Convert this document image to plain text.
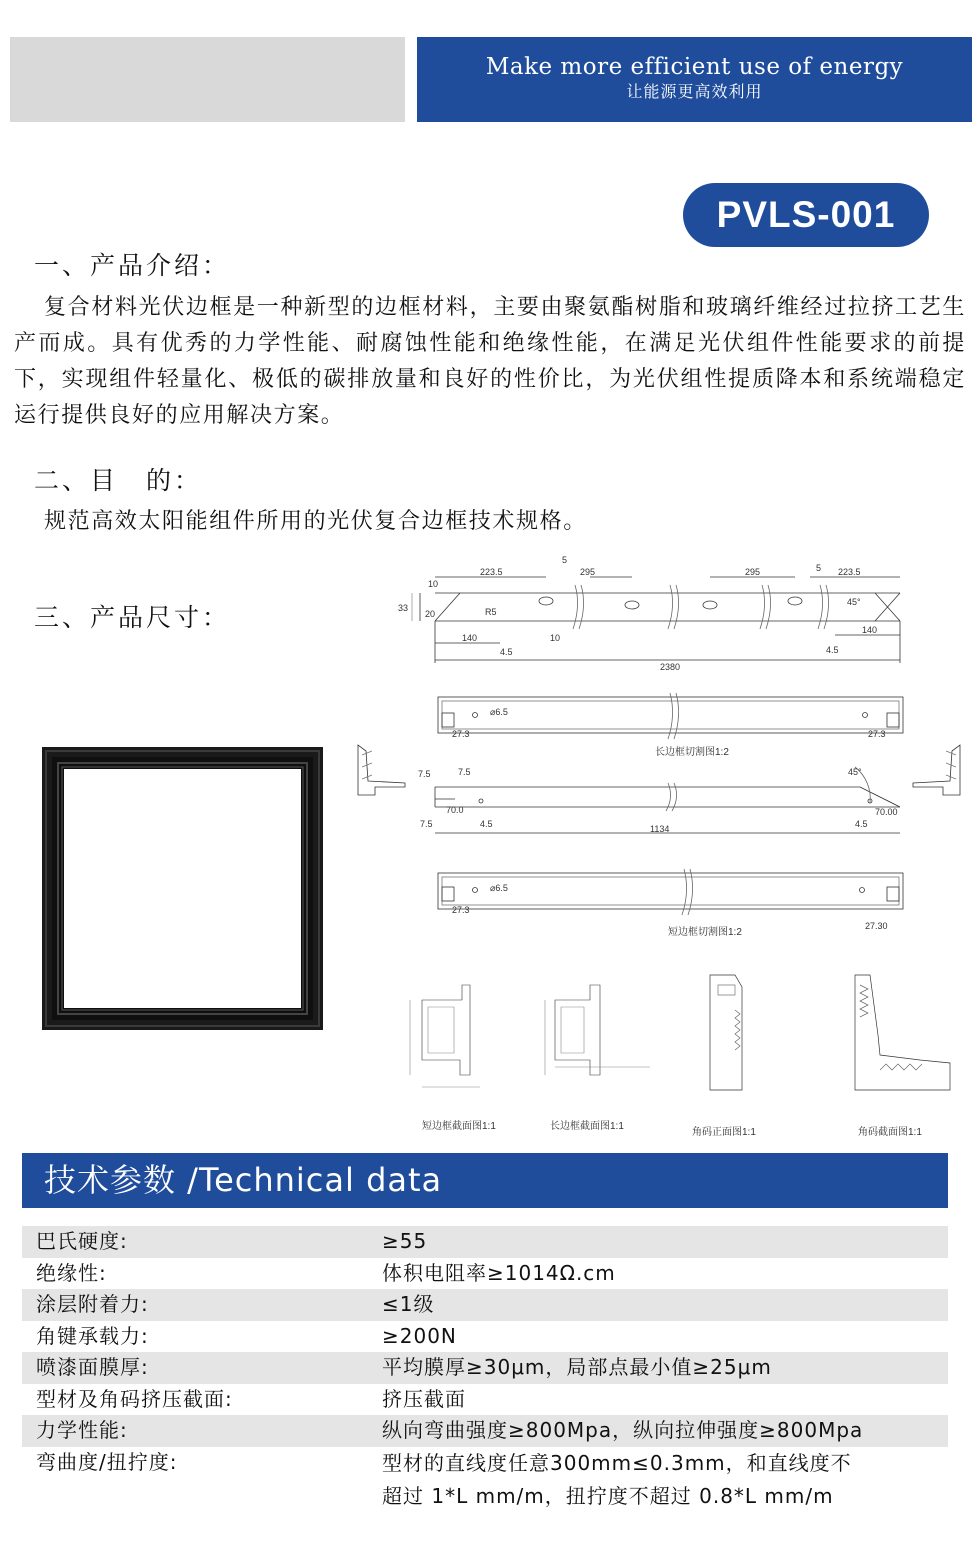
Make more efficient use of energy
让能源更高效利用
PVLS-001
一、产品介绍：
复合材料光伏边框是一种新型的边框材料，主要由聚氨酯树脂和玻璃纤维经过拉挤工艺生产而成。具有优秀的力学性能、耐腐蚀性能和绝缘性能，在满足光伏组件性能要求的前提下，实现组件轻量化、极低的碳排放量和良好的性价比，为光伏组性提质降本和系统端稳定运行提供良好的应用解决方案。
二、目　的：
规范高效太阳能组件所用的光伏复合边框技术规格。
三、产品尺寸：
10
223.5
5
295	295	5 223.5
33
20	R5
140
140
4.5
10
4.5
45°
2380
⌀6.5
27.3	27.3
长边框切割图1:2
7.5	7.5
70.0	70.00
7.5	4.5	4.5
1134
45°
⌀6.5
27.3
27.30
短边框切割图1:2
短边框截面图1:1	长边框截面图1:1
角码正面图1:1	角码截面图1:1
技术参数 /Technical data
巴氏硬度:	≥55
绝缘性:	体积电阻率≥1014Ω.cm
涂层附着力:	≤1级
角键承载力:	≥200N
喷漆面膜厚:	平均膜厚≥30μm，局部点最小值≥25μm
型材及角码挤压截面:	挤压截面
力学性能:	纵向弯曲强度≥800Mpa，纵向拉伸强度≥800Mpa
弯曲度/扭拧度:	型材的直线度任意300mm≤0.3mm，和直线度不
超过 1*L mm/m，扭拧度不超过 0.8*L mm/m
